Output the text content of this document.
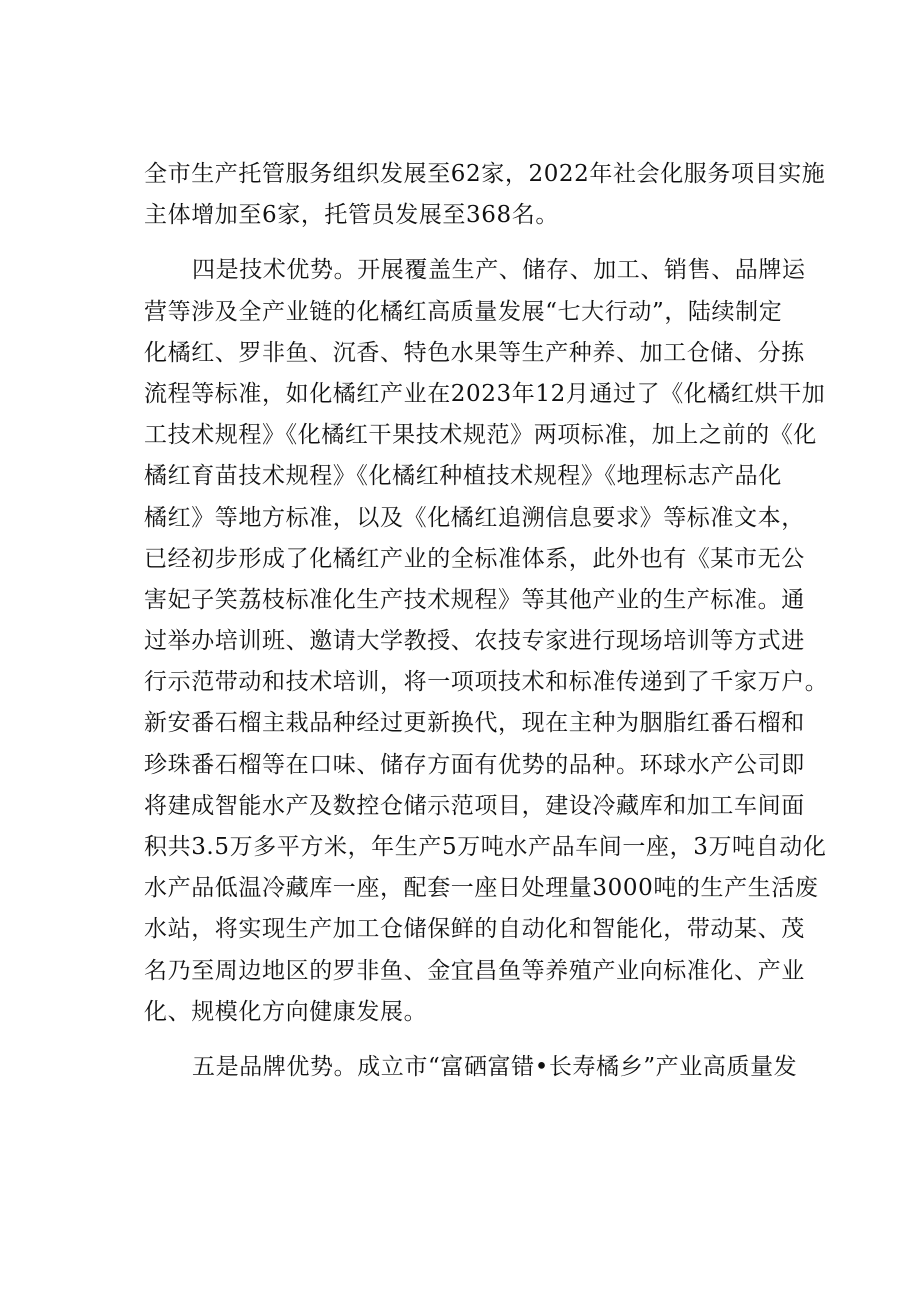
全市生产托管服务组织发展至62家，2022年社会化服务项目实施
主体增加至6家，托管员发展至368名。
四是技术优势。开展覆盖生产、储存、加工、销售、品牌运
营等涉及全产业链的化橘红高质量发展“七大行动”，陆续制定
化橘红、罗非鱼、沉香、特色水果等生产种养、加工仓储、分拣
流程等标准，如化橘红产业在2023年12月通过了《化橘红烘干加
工技术规程》《化橘红干果技术规范》两项标准，加上之前的《化
橘红育苗技术规程》《化橘红种植技术规程》《地理标志产品化
橘红》等地方标准，以及《化橘红追溯信息要求》等标准文本，
已经初步形成了化橘红产业的全标准体系，此外也有《某市无公
害妃子笑荔枝标准化生产技术规程》等其他产业的生产标准。通
过举办培训班、邀请大学教授、农技专家进行现场培训等方式进
行示范带动和技术培训，将一项项技术和标准传递到了千家万户。
新安番石榴主栽品种经过更新换代，现在主种为胭脂红番石榴和
珍珠番石榴等在口味、储存方面有优势的品种。环球水产公司即
将建成智能水产及数控仓储示范项目，建设冷藏库和加工车间面
积共3.5万多平方米，年生产5万吨水产品车间一座，3万吨自动化
水产品低温冷藏库一座，配套一座日处理量3000吨的生产生活废
水站，将实现生产加工仓储保鲜的自动化和智能化，带动某、茂
名乃至周边地区的罗非鱼、金宜昌鱼等养殖产业向标准化、产业
化、规模化方向健康发展。
五是品牌优势。成立市“富硒富错•长寿橘乡”产业高质量发
